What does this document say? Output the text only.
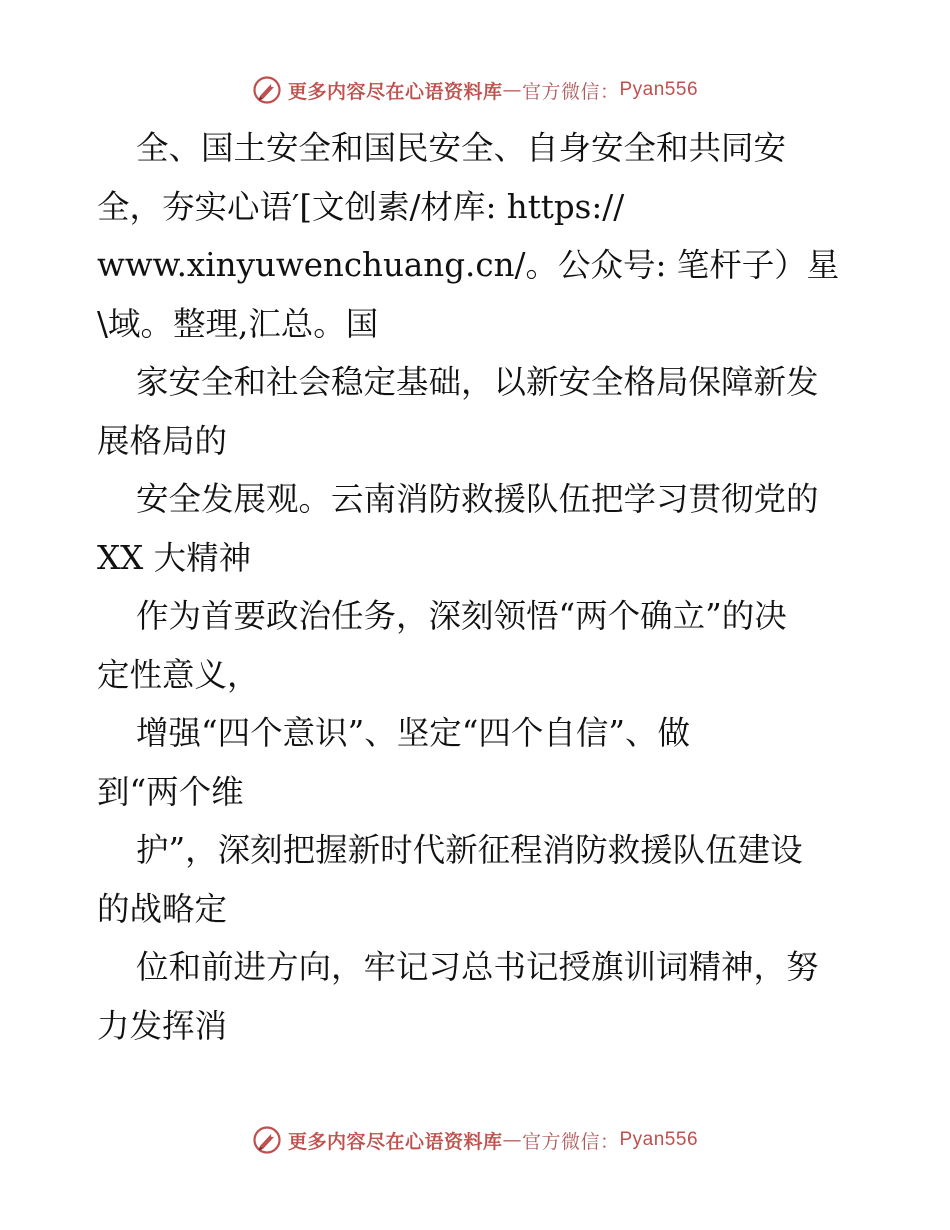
更多内容尽在心语资料库 — 官方微信： Pyan556
全、国土安全和国民安全、自身安全和共同安
全，夯实心语′[文创素/材库: https://
www.xinyuwenchuang.cn/。公众号: 笔杆子）星
\域。整理,汇总。国
家安全和社会稳定基础，以新安全格局保障新发
展格局的
安全发展观。云南消防救援队伍把学习贯彻党的
XX 大精神
作为首要政治任务，深刻领悟“两个确立”的决
定性意义，
增强“四个意识”、坚定“四个自信”、做
到“两个维
护”，深刻把握新时代新征程消防救援队伍建设
的战略定
位和前进方向，牢记习总书记授旗训词精神，努
力发挥消
更多内容尽在心语资料库 — 官方微信： Pyan556
